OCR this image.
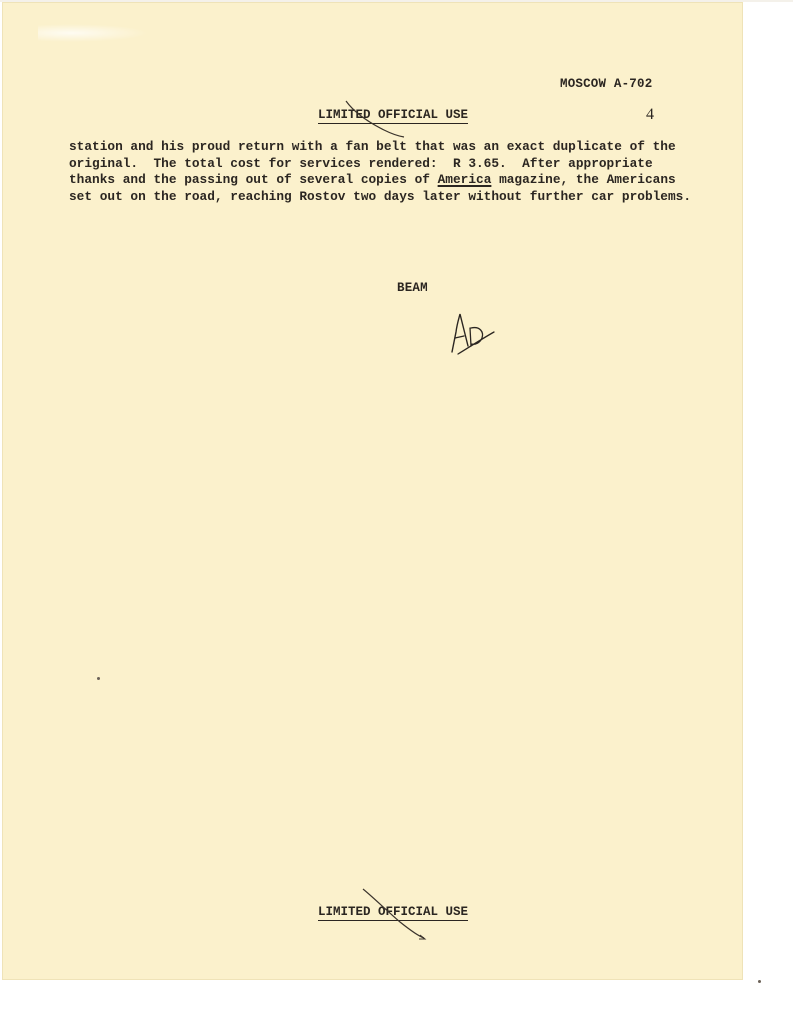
MOSCOW A-702
4
LIMITED OFFICIAL USE
station and his proud return with a fan belt that was an exact duplicate of the
original.  The total cost for services rendered:  R 3.65.  After appropriate
thanks and the passing out of several copies of America magazine, the Americans
set out on the road, reaching Rostov two days later without further car problems.
BEAM
LIMITED OFFICIAL USE
